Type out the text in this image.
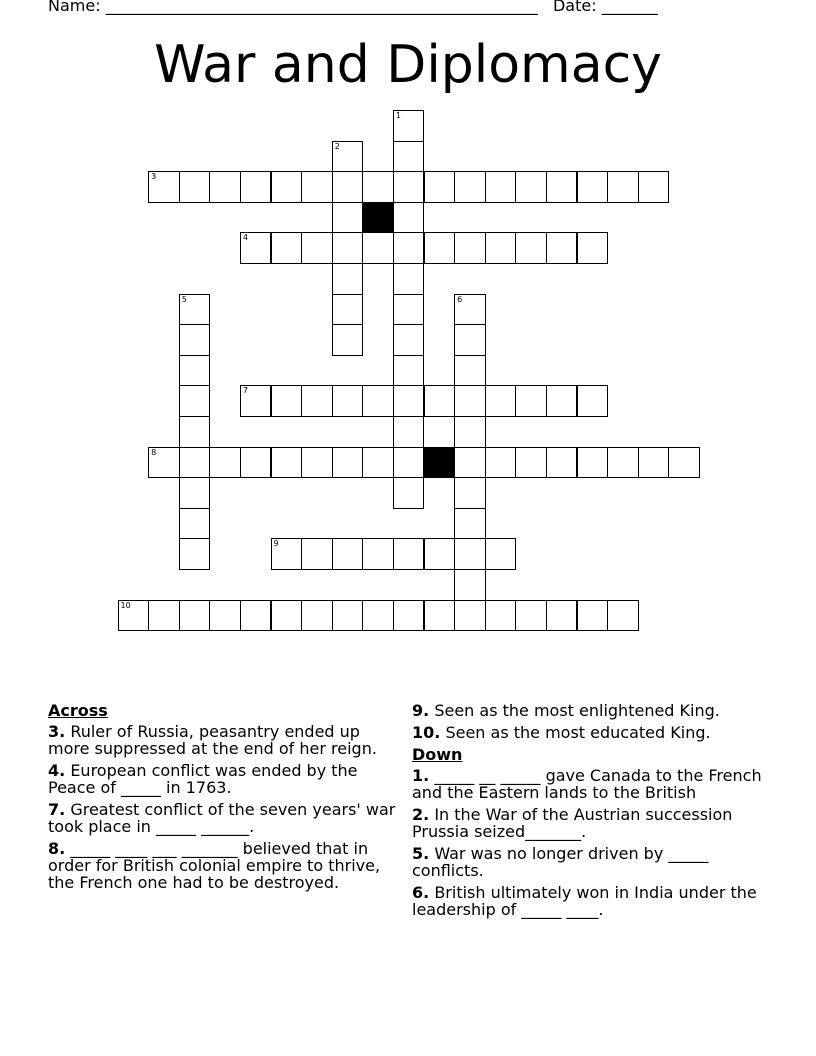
Name: ______________________________________________________ Date: _______
War and Diplomacy
1
2
3
4
5	6
7
8
9
10
Across
3. Ruler of Russia, peasantry ended up more suppressed at the end of her reign.
4. European conflict was ended by the Peace of _____ in 1763.
7. Greatest conflict of the seven years' war took place in _____ ______.
8. _____ ____ ___ _______ believed that in order for British colonial empire to thrive, the French one had to be destroyed.
9. Seen as the most enlightened King.
10. Seen as the most educated King.
Down
1. _____ __ _____ gave Canada to the French and the Eastern lands to the British
2. In the War of the Austrian succession Prussia seized_______.
5. War was no longer driven by _____ conflicts.
6. British ultimately won in India under the leadership of _____ ____.
